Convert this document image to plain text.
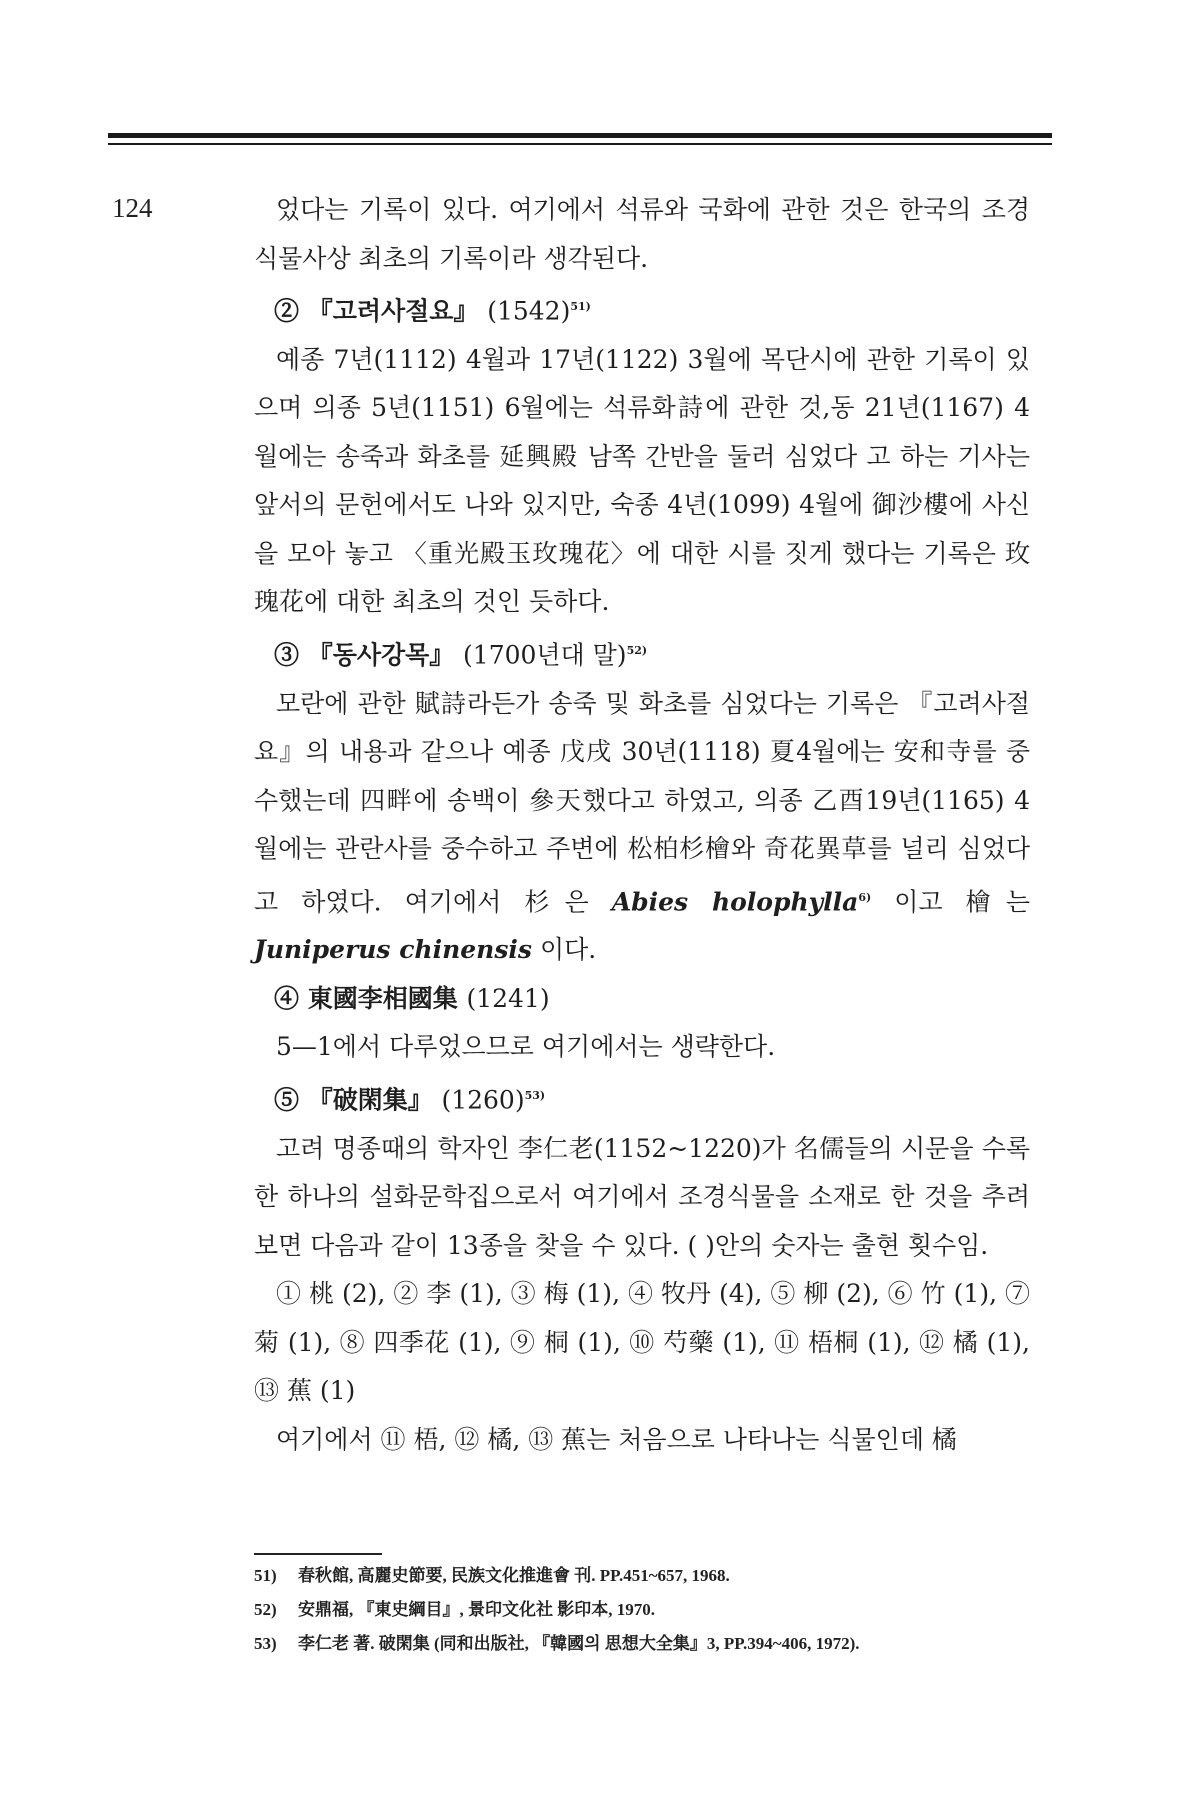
124	었다는 기록이 있다. 여기에서 석류와 국화에 관한 것은 한국의 조경식물사상 최초의 기록이라 생각된다.

② 『고려사절요』 $(1542)^{51)}$

예종 7년(1112) 4월과 17년(1122) 3월에 목단시에 관한 기록이 있으며 의종 5년(1151) 6월에는 석류화詩에 관한 것,동 21년(1167) 4월에는 송죽과 화초를 延興殿 남쪽 간반을 둘러 심었다 고 하는 기사는 앞서의 문헌에서도 나와 있지만, 숙종 4년(1099) 4월에 御沙樓에 사신을 모아 놓고 〈重光殿玉玫瑰花〉에 대한 시를 짓게 했다는 기록은 玫瑰花에 대한 최초의 것인 듯하다.

③ 『동사강목』 (1700년대 말)$^{52)}$

모란에 관한 賦詩라든가 송죽 및 화초를 심었다는 기록은 『고려사절요』의 내용과 같으나 예종 戊戌 30년(1118) 夏4월에는 安和寺를 중수했는데 四畔에 송백이 參天했다고 하였고, 의종 乙酉19년(1165) 4월에는 관란사를 중수하고 주변에 松柏杉檜와 奇花異草를 널리 심었다고 하였다. 여기에서 杉은 Abies holophylla$^{6)}$ 이고 檜는 Juniperus chinensis 이다.

④ 東國李相國集 (1241)

5—1에서 다루었으므로 여기에서는 생략한다.

⑤ 『破閑集』 $(1260)^{53)}$

고려 명종때의 학자인 李仁老(1152~1220)가 名儒들의 시문을 수록한 하나의 설화문학집으로서 여기에서 조경식물을 소재로 한 것을 추려보면 다음과 같이 13종을 찾을 수 있다. ( )안의 숫자는 출현 횟수임.

① 桃 (2), ② 李 (1), ③ 梅 (1), ④ 牧丹 (4), ⑤ 柳 (2), ⑥ 竹 (1), ⑦ 菊 (1), ⑧ 四季花 (1), ⑨ 桐 (1), ⑩ 芍藥 (1), ⑪ 梧桐 (1), ⑫ 橘 (1), ⑬ 蕉 (1)

여기에서 ⑪ 梧, ⑫ 橘, ⑬ 蕉는 처음으로 나타나는 식물인데 橘

51) 春秋館, 高麗史節要, 民族文化推進會 刊. PP.451~657, 1968.
52) 安鼎福, 『東史綱目』, 景印文化社 影印本, 1970.
53) 李仁老 著. 破閑集 (同和出版社, 『韓國의 思想大全集』3, PP.394~406, 1972).
